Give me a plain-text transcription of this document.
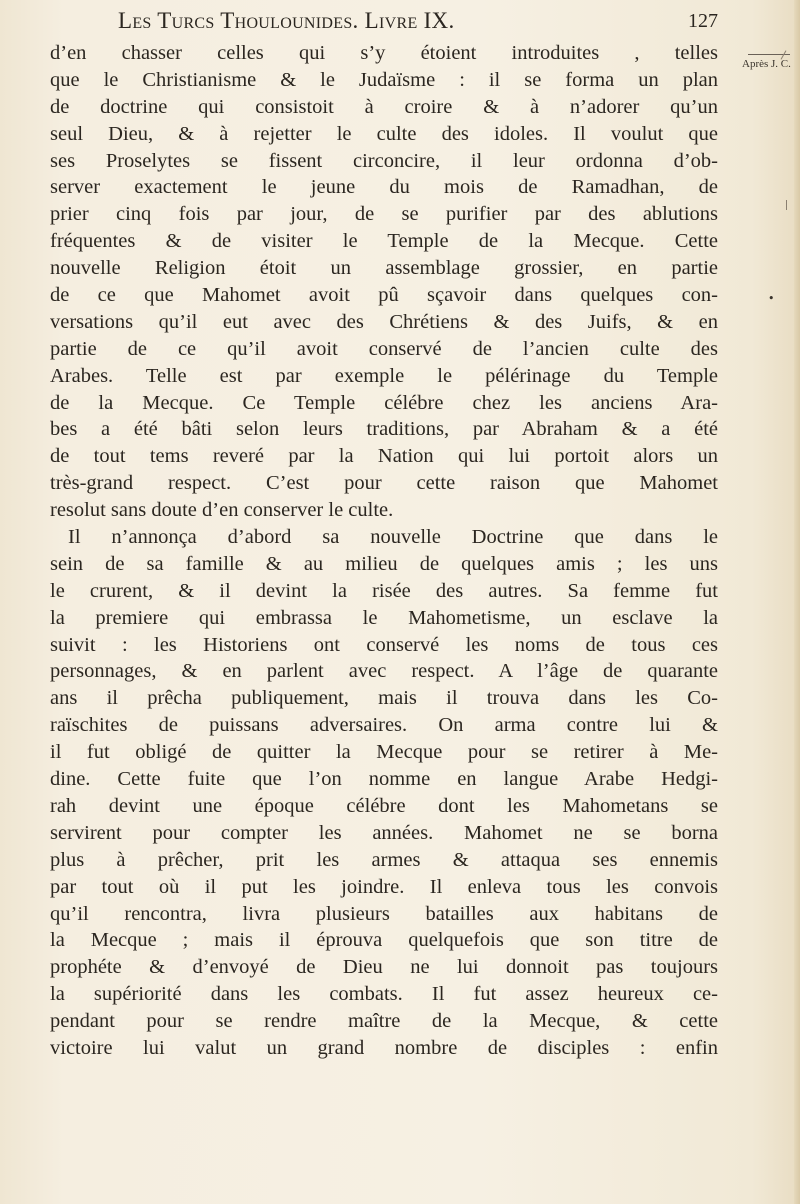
Les Turcs Thoulounides. Livre IX.	127
Après J. C.
•
d’en chasser celles qui s’y étoient introduites , telles
que le Christianisme & le Judaïsme : il se forma un plan
de doctrine qui consistoit à croire & à n’adorer qu’un
seul Dieu, & à rejetter le culte des idoles. Il voulut que
ses Proselytes se fissent circoncire, il leur ordonna d’ob-
server exactement le jeune du mois de Ramadhan, de
prier cinq fois par jour, de se purifier par des ablutions
fréquentes & de visiter le Temple de la Mecque. Cette
nouvelle Religion étoit un assemblage grossier, en partie
de ce que Mahomet avoit pû sçavoir dans quelques con-
versations qu’il eut avec des Chrétiens & des Juifs, & en
partie de ce qu’il avoit conservé de l’ancien culte des
Arabes. Telle est par exemple le pélérinage du Temple
de la Mecque. Ce Temple célébre chez les anciens Ara-
bes a été bâti selon leurs traditions, par Abraham & a été
de tout tems reveré par la Nation qui lui portoit alors un
très-grand respect. C’est pour cette raison que Mahomet
resolut sans doute d’en conserver le culte.
Il n’annonça d’abord sa nouvelle Doctrine que dans le
sein de sa famille & au milieu de quelques amis ; les uns
le crurent, & il devint la risée des autres. Sa femme fut
la premiere qui embrassa le Mahometisme, un esclave la
suivit : les Historiens ont conservé les noms de tous ces
personnages, & en parlent avec respect. A l’âge de quarante
ans il prêcha publiquement, mais il trouva dans les Co-
raïschites de puissans adversaires. On arma contre lui &
il fut obligé de quitter la Mecque pour se retirer à Me-
dine. Cette fuite que l’on nomme en langue Arabe Hedgi-
rah devint une époque célébre dont les Mahometans se
servirent pour compter les années. Mahomet ne se borna
plus à prêcher, prit les armes & attaqua ses ennemis
par tout où il put les joindre. Il enleva tous les convois
qu’il rencontra, livra plusieurs batailles aux habitans de
la Mecque ; mais il éprouva quelquefois que son titre de
prophéte & d’envoyé de Dieu ne lui donnoit pas toujours
la supériorité dans les combats. Il fut assez heureux ce-
pendant pour se rendre maître de la Mecque, & cette
victoire lui valut un grand nombre de disciples : enfin
